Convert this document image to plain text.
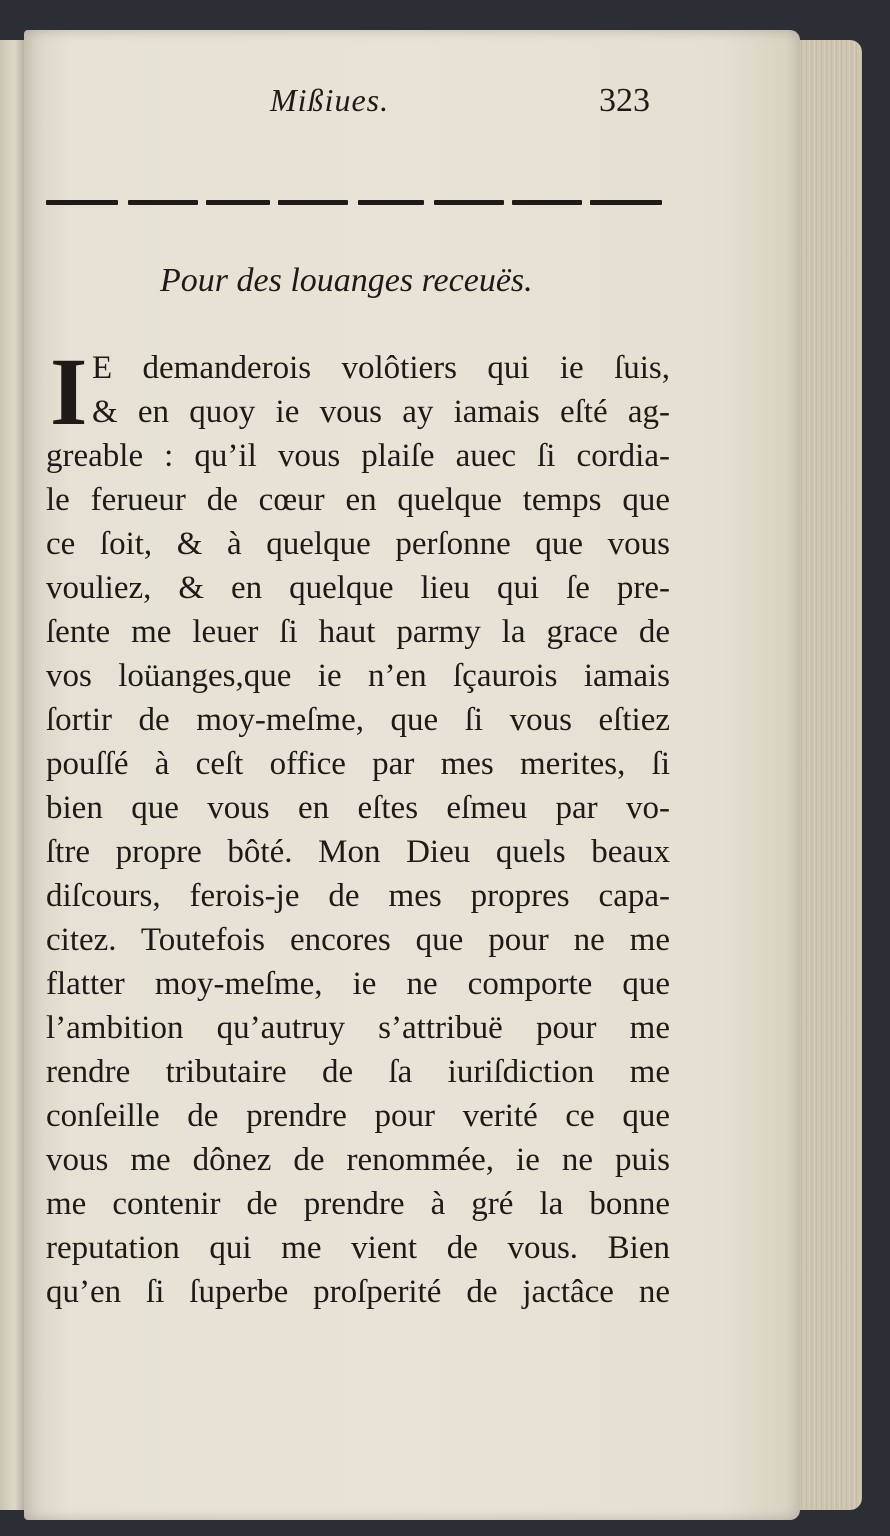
Mißiues.	323
Pour des louanges receuës.
I E demanderois volôtiers qui ie ſuis,
& en quoy ie vous ay iamais eſté ag-
greable : qu’il vous plaiſe auec ſi cordia-
le ferueur de cœur en quelque temps que
ce ſoit, & à quelque perſonne que vous
vouliez, & en quelque lieu qui ſe pre-
ſente me leuer ſi haut parmy la grace de
vos loüanges,que ie n’en ſçaurois iamais
ſortir de moy-meſme, que ſi vous eſtiez
pouſſé à ceſt office par mes merites, ſi
bien que vous en eſtes eſmeu par vo-
ſtre propre bôté. Mon Dieu quels beaux
diſcours, ferois-je de mes propres capa-
citez. Toutefois encores que pour ne me
flatter moy-meſme, ie ne comporte que
l’ambition qu’autruy s’attribuë pour me
rendre tributaire de ſa iuriſdiction me
conſeille de prendre pour verité ce que
vous me dônez de renommée, ie ne puis
me contenir de prendre à gré la bonne
reputation qui me vient de vous. Bien
qu’en ſi ſuperbe proſperité de jactâce ne
